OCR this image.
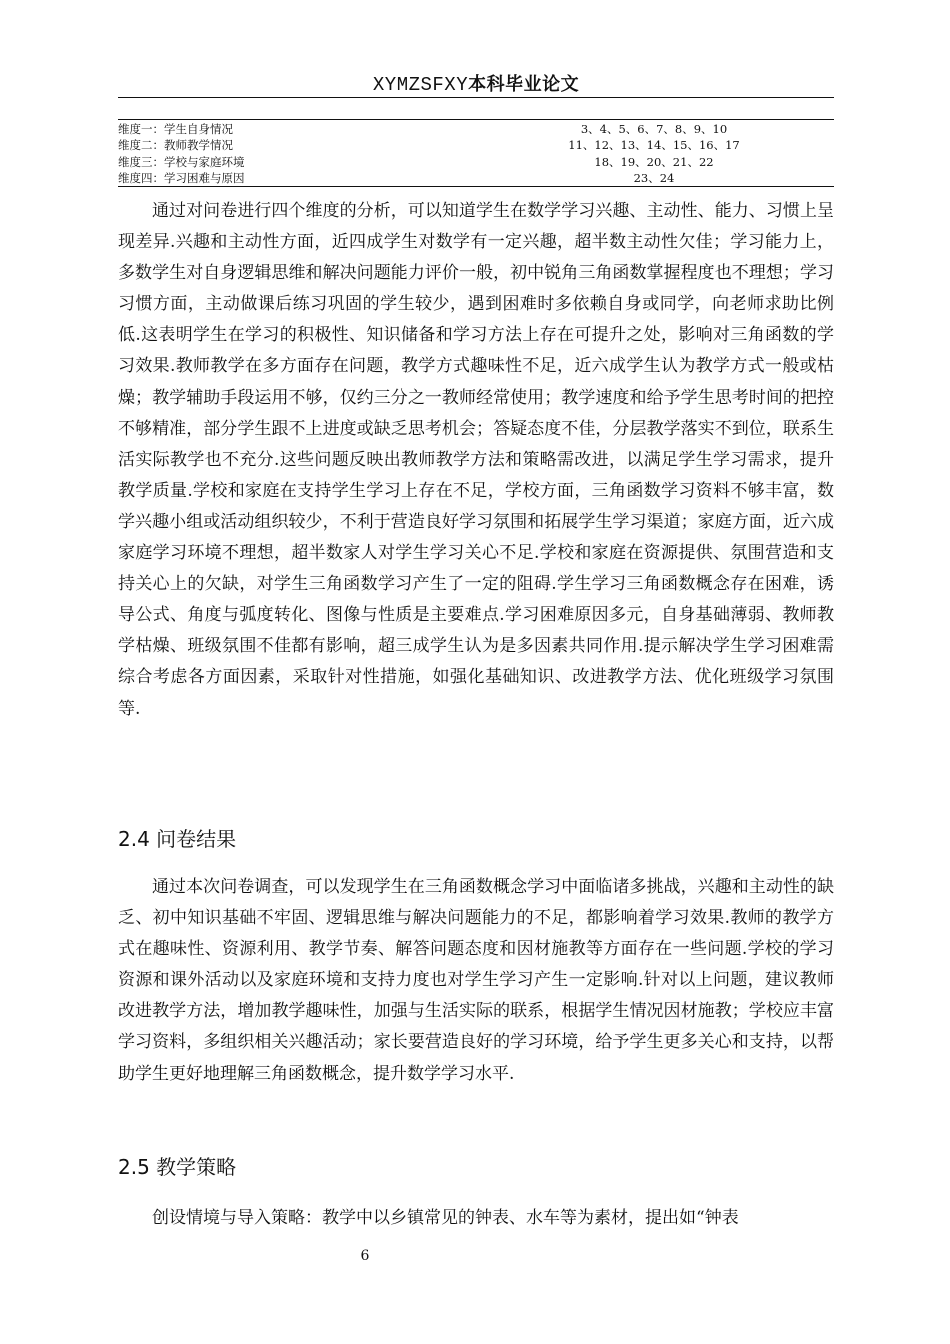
XYMZSFXY本科毕业论文
维度一：学生自身情况	3、4、5、6、7、8、9、10
维度二：教师教学情况	11、12、13、14、15、16、17
维度三：学校与家庭环境	18、19、20、21、22
维度四：学习困难与原因	23、24

通过对问卷进行四个维度的分析，可以知道学生在数学学习兴趣、主动性、能力、习惯上呈现差异.兴趣和主动性方面，近四成学生对数学有一定兴趣，超半数主动性欠佳；学习能力上，多数学生对自身逻辑思维和解决问题能力评价一般，初中锐角三角函数掌握程度也不理想；学习习惯方面，主动做课后练习巩固的学生较少，遇到困难时多依赖自身或同学，向老师求助比例低.这表明学生在学习的积极性、知识储备和学习方法上存在可提升之处，影响对三角函数的学习效果.教师教学在多方面存在问题，教学方式趣味性不足，近六成学生认为教学方式一般或枯燥；教学辅助手段运用不够，仅约三分之一教师经常使用；教学速度和给予学生思考时间的把控不够精准，部分学生跟不上进度或缺乏思考机会；答疑态度不佳，分层教学落实不到位，联系生活实际教学也不充分.这些问题反映出教师教学方法和策略需改进，以满足学生学习需求，提升教学质量.学校和家庭在支持学生学习上存在不足，学校方面，三角函数学习资料不够丰富，数学兴趣小组或活动组织较少，不利于营造良好学习氛围和拓展学生学习渠道；家庭方面，近六成家庭学习环境不理想，超半数家人对学生学习关心不足.学校和家庭在资源提供、氛围营造和支持关心上的欠缺，对学生三角函数学习产生了一定的阻碍.学生学习三角函数概念存在困难，诱导公式、角度与弧度转化、图像与性质是主要难点.学习困难原因多元，自身基础薄弱、教师教学枯燥、班级氛围不佳都有影响，超三成学生认为是多因素共同作用.提示解决学生学习困难需综合考虑各方面因素，采取针对性措施，如强化基础知识、改进教学方法、优化班级学习氛围等.

2.4 问卷结果

通过本次问卷调查，可以发现学生在三角函数概念学习中面临诸多挑战，兴趣和主动性的缺乏、初中知识基础不牢固、逻辑思维与解决问题能力的不足，都影响着学习效果.教师的教学方式在趣味性、资源利用、教学节奏、解答问题态度和因材施教等方面存在一些问题.学校的学习资源和课外活动以及家庭环境和支持力度也对学生学习产生一定影响.针对以上问题，建议教师改进教学方法，增加教学趣味性，加强与生活实际的联系，根据学生情况因材施教；学校应丰富学习资料，多组织相关兴趣活动；家长要营造良好的学习环境，给予学生更多关心和支持，以帮助学生更好地理解三角函数概念，提升数学学习水平.

2.5 教学策略

创设情境与导入策略：教学中以乡镇常见的钟表、水车等为素材，提出如“钟表

6
